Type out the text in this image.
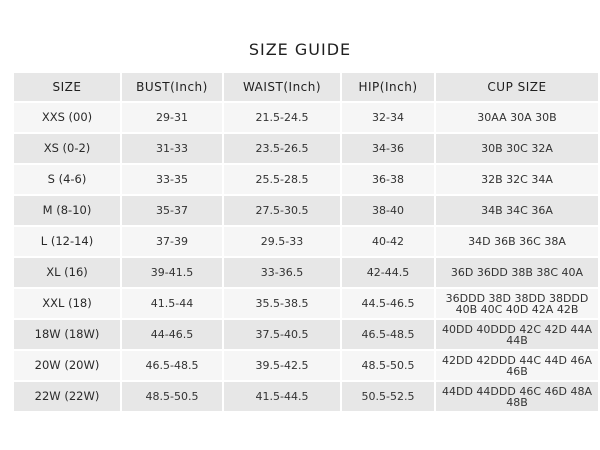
SIZE GUIDE
SIZE	BUST(Inch)	WAIST(Inch)	HIP(Inch)	CUP SIZE
XXS (00)	29-31	21.5-24.5	32-34	30AA 30A 30B
XS (0-2)	31-33	23.5-26.5	34-36	30B 30C 32A
S (4-6)	33-35	25.5-28.5	36-38	32B 32C 34A
M (8-10)	35-37	27.5-30.5	38-40	34B 34C 36A
L (12-14)	37-39	29.5-33	40-42	34D 36B 36C 38A
XL (16)	39-41.5	33-36.5	42-44.5	36D 36DD 38B 38C 40A
XXL (18)	41.5-44	35.5-38.5	44.5-46.5	36DDD 38D 38DD 38DDD 40B 40C 40D 42A 42B
18W (18W)	44-46.5	37.5-40.5	46.5-48.5	40DD 40DDD 42C 42D 44A 44B
20W (20W)	46.5-48.5	39.5-42.5	48.5-50.5	42DD 42DDD 44C 44D 46A 46B
22W (22W)	48.5-50.5	41.5-44.5	50.5-52.5	44DD 44DDD 46C 46D 48A 48B
